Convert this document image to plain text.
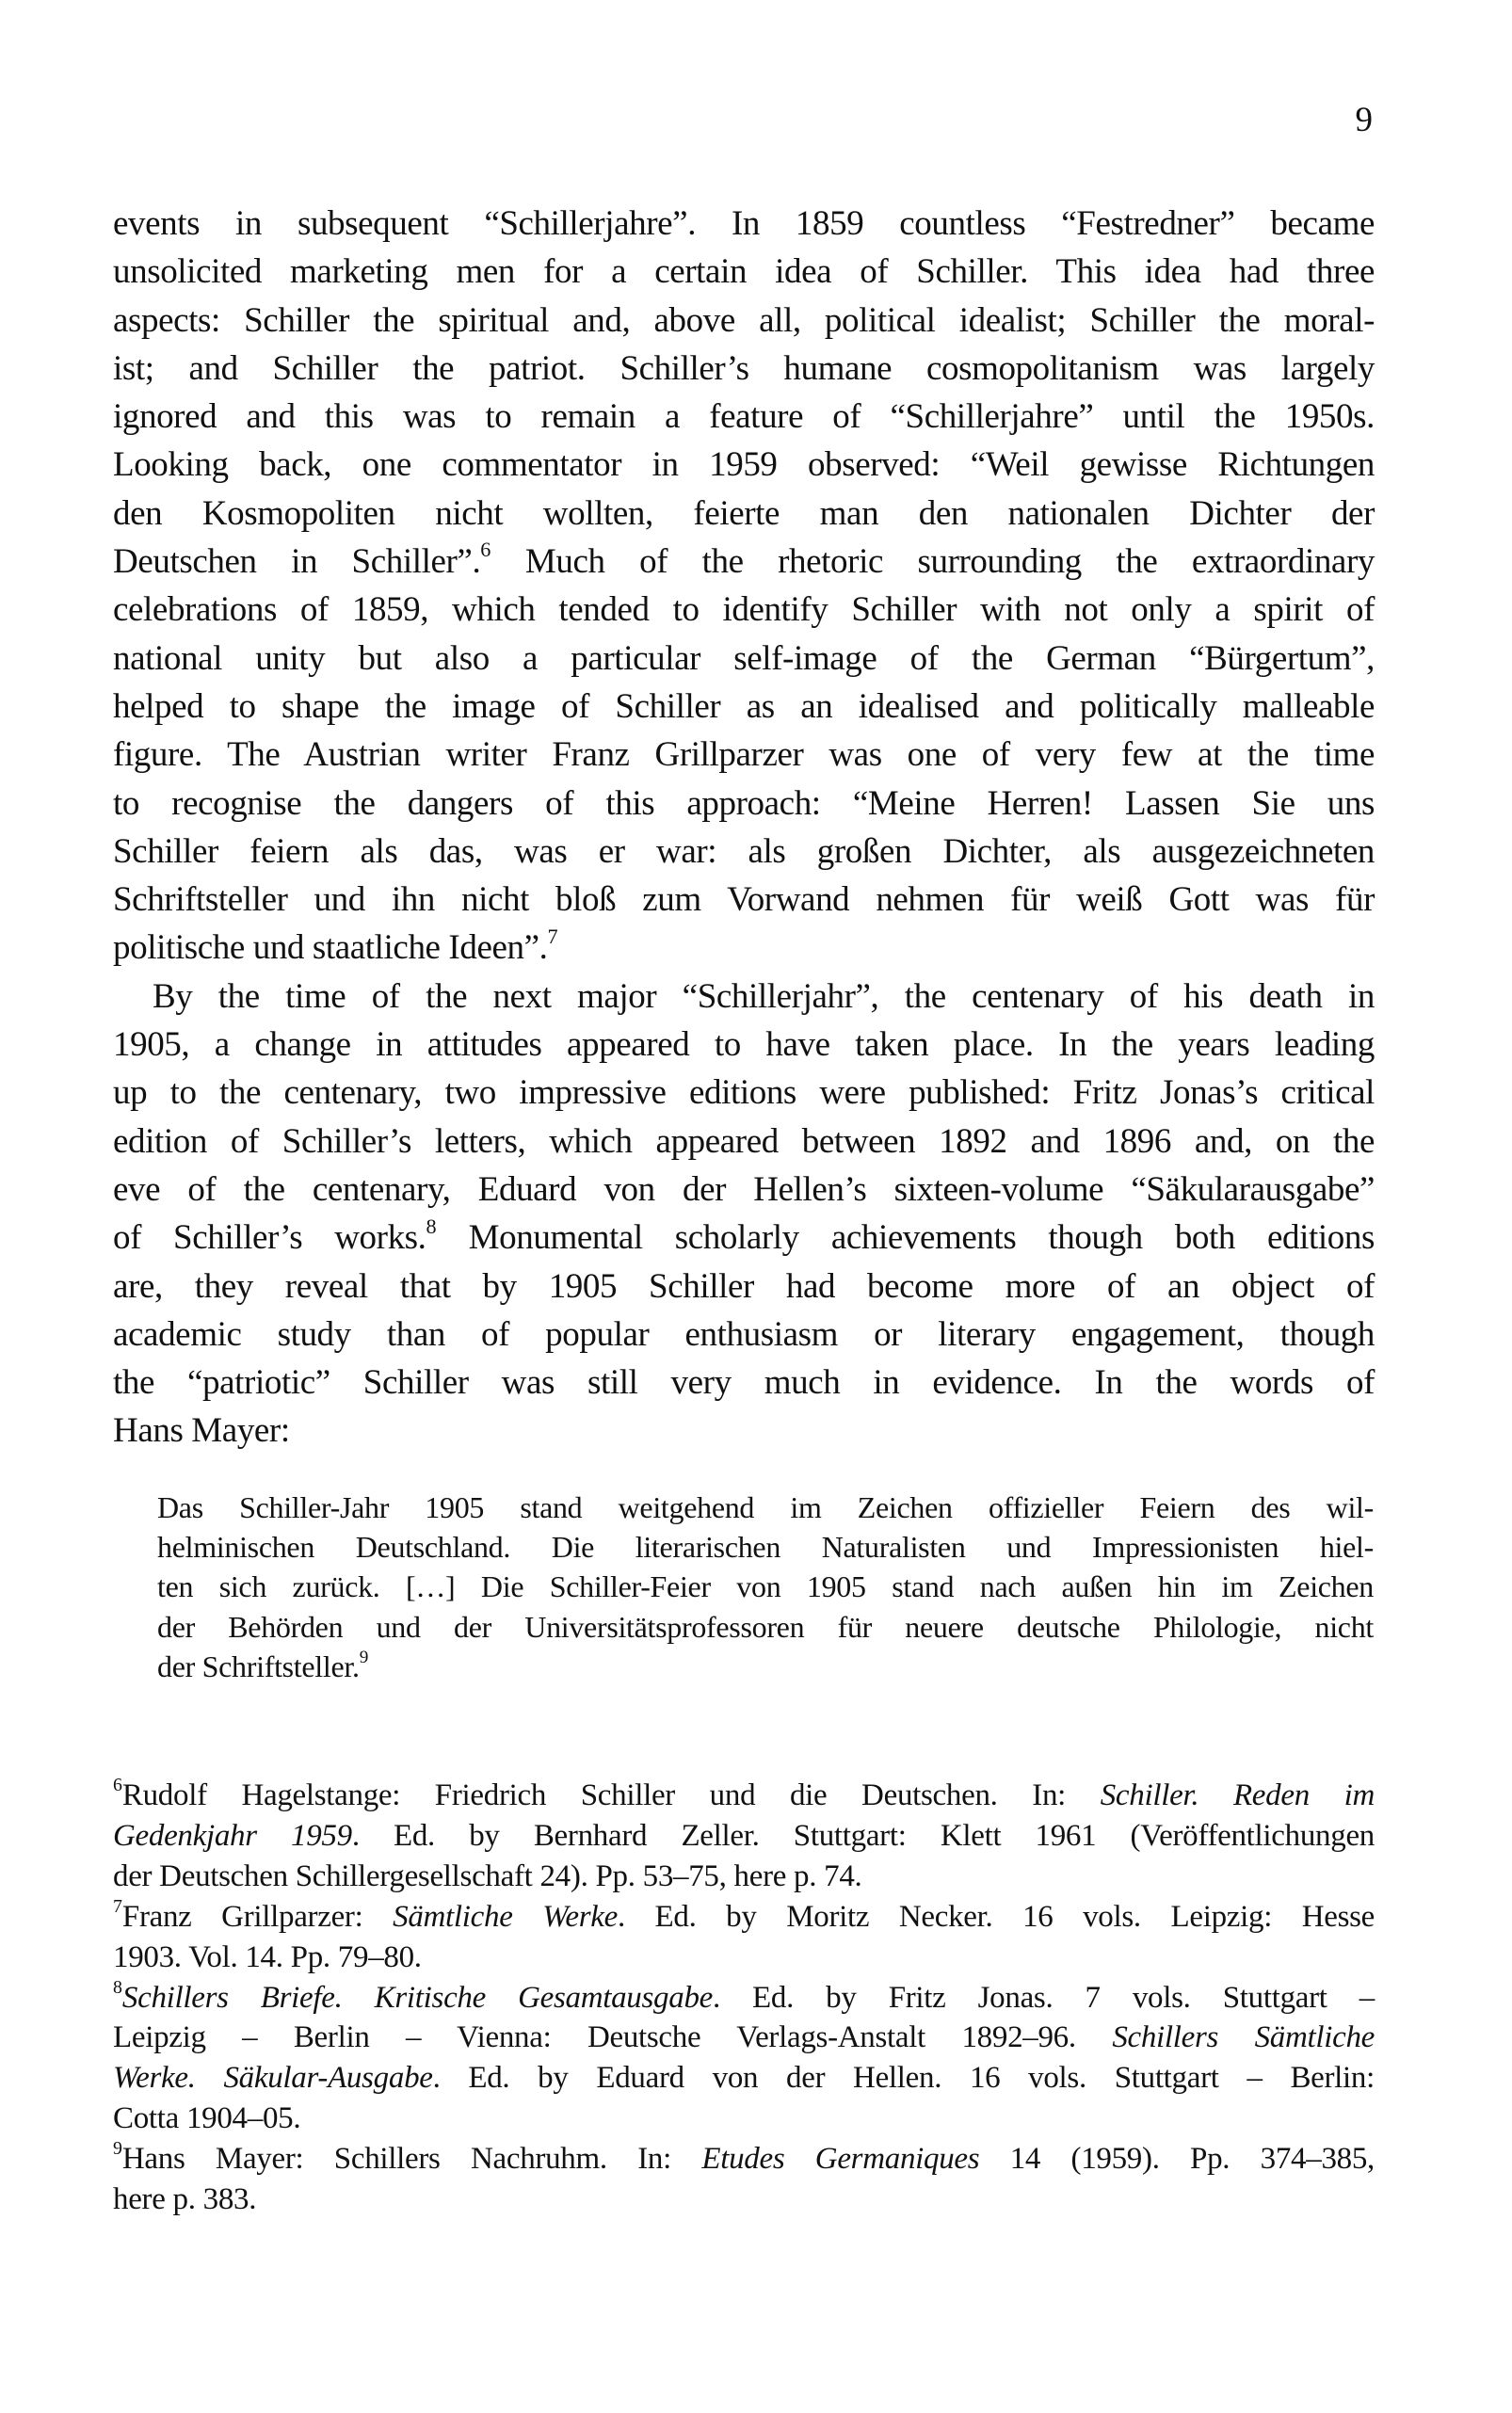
9
events in subsequent “Schillerjahre”. In 1859 countless “Festredner” became
unsolicited marketing men for a certain idea of Schiller. This idea had three
aspects: Schiller the spiritual and, above all, political idealist; Schiller the moral-
ist; and Schiller the patriot. Schiller’s humane cosmopolitanism was largely
ignored and this was to remain a feature of “Schillerjahre” until the 1950s.
Looking back, one commentator in 1959 observed: “Weil gewisse Richtungen
den Kosmopoliten nicht wollten, feierte man den nationalen Dichter der
Deutschen in Schiller”.$^6$ Much of the rhetoric surrounding the extraordinary
celebrations of 1859, which tended to identify Schiller with not only a spirit of
national unity but also a particular self-image of the German “Bürgertum”,
helped to shape the image of Schiller as an idealised and politically malleable
figure. The Austrian writer Franz Grillparzer was one of very few at the time
to recognise the dangers of this approach: “Meine Herren! Lassen Sie uns
Schiller feiern als das, was er war: als großen Dichter, als ausgezeichneten
Schriftsteller und ihn nicht bloß zum Vorwand nehmen für weiß Gott was für
politische und staatliche Ideen”.$^7$
By the time of the next major “Schillerjahr”, the centenary of his death in
1905, a change in attitudes appeared to have taken place. In the years leading
up to the centenary, two impressive editions were published: Fritz Jonas’s critical
edition of Schiller’s letters, which appeared between 1892 and 1896 and, on the
eve of the centenary, Eduard von der Hellen’s sixteen-volume “Säkularausgabe”
of Schiller’s works.$^8$ Monumental scholarly achievements though both editions
are, they reveal that by 1905 Schiller had become more of an object of
academic study than of popular enthusiasm or literary engagement, though
the “patriotic” Schiller was still very much in evidence. In the words of
Hans Mayer:
Das Schiller-Jahr 1905 stand weitgehend im Zeichen offizieller Feiern des wil-
helminischen Deutschland. Die literarischen Naturalisten und Impressionisten hiel-
ten sich zurück. […] Die Schiller-Feier von 1905 stand nach außen hin im Zeichen
der Behörden und der Universitätsprofessoren für neuere deutsche Philologie, nicht
der Schriftsteller.$^9$
$^6$Rudolf Hagelstange: Friedrich Schiller und die Deutschen. In: Schiller. Reden im
Gedenkjahr 1959. Ed. by Bernhard Zeller. Stuttgart: Klett 1961 (Veröffentlichungen
der Deutschen Schillergesellschaft 24). Pp. 53–75, here p. 74.
$^7$Franz Grillparzer: Sämtliche Werke. Ed. by Moritz Necker. 16 vols. Leipzig: Hesse
1903. Vol. 14. Pp. 79–80.
$^8$Schillers Briefe. Kritische Gesamtausgabe. Ed. by Fritz Jonas. 7 vols. Stuttgart –
Leipzig – Berlin – Vienna: Deutsche Verlags-Anstalt 1892–96. Schillers Sämtliche
Werke. Säkular-Ausgabe. Ed. by Eduard von der Hellen. 16 vols. Stuttgart – Berlin:
Cotta 1904–05.
$^9$Hans Mayer: Schillers Nachruhm. In: Etudes Germaniques 14 (1959). Pp. 374–385,
here p. 383.
